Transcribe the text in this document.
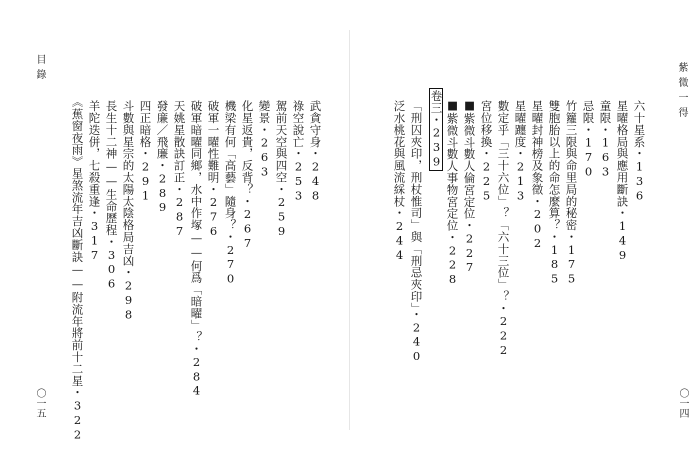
紫微一得
〇一四
六十星系・136
星曜格局與應用斷訣・149
童限・163
忌限・170
竹籮三限與命里局的秘密・175
雙胞胎以上的命怎麼算？・185
星曜封神榜及象徵・202
星曜躔度・213
數定乎「三十六位」？「六十三位」？・222
宮位移換・225
■紫微斗數人倫宮定位・227
■紫微斗數人事物宮定位・228
卷三・239
「刑囚夾印，刑杖惟司」與「刑忌夾印」・240
泛水桃花與風流綵杖・244
武貪守身・248
祿空說亡・253
駕前天空與四空・259
變景・263
化星返貴，反背？・267
機梁有何「高藝」隨身？・270
破軍一曜性難明・276
破軍暗曜同鄉，水中作塚——何爲「暗曜」？・284
天姚星散訣訂正・287
發廉／飛廉・289
四正暗格・291
斗數與星宗的太陽太陰格局吉凶・298
長生十二神——生命歷程・306
羊陀迭併，七殺重逢・317
《蕉窗夜雨》星煞流年吉凶斷訣——附流年將前十二星・322
目錄
〇一五
